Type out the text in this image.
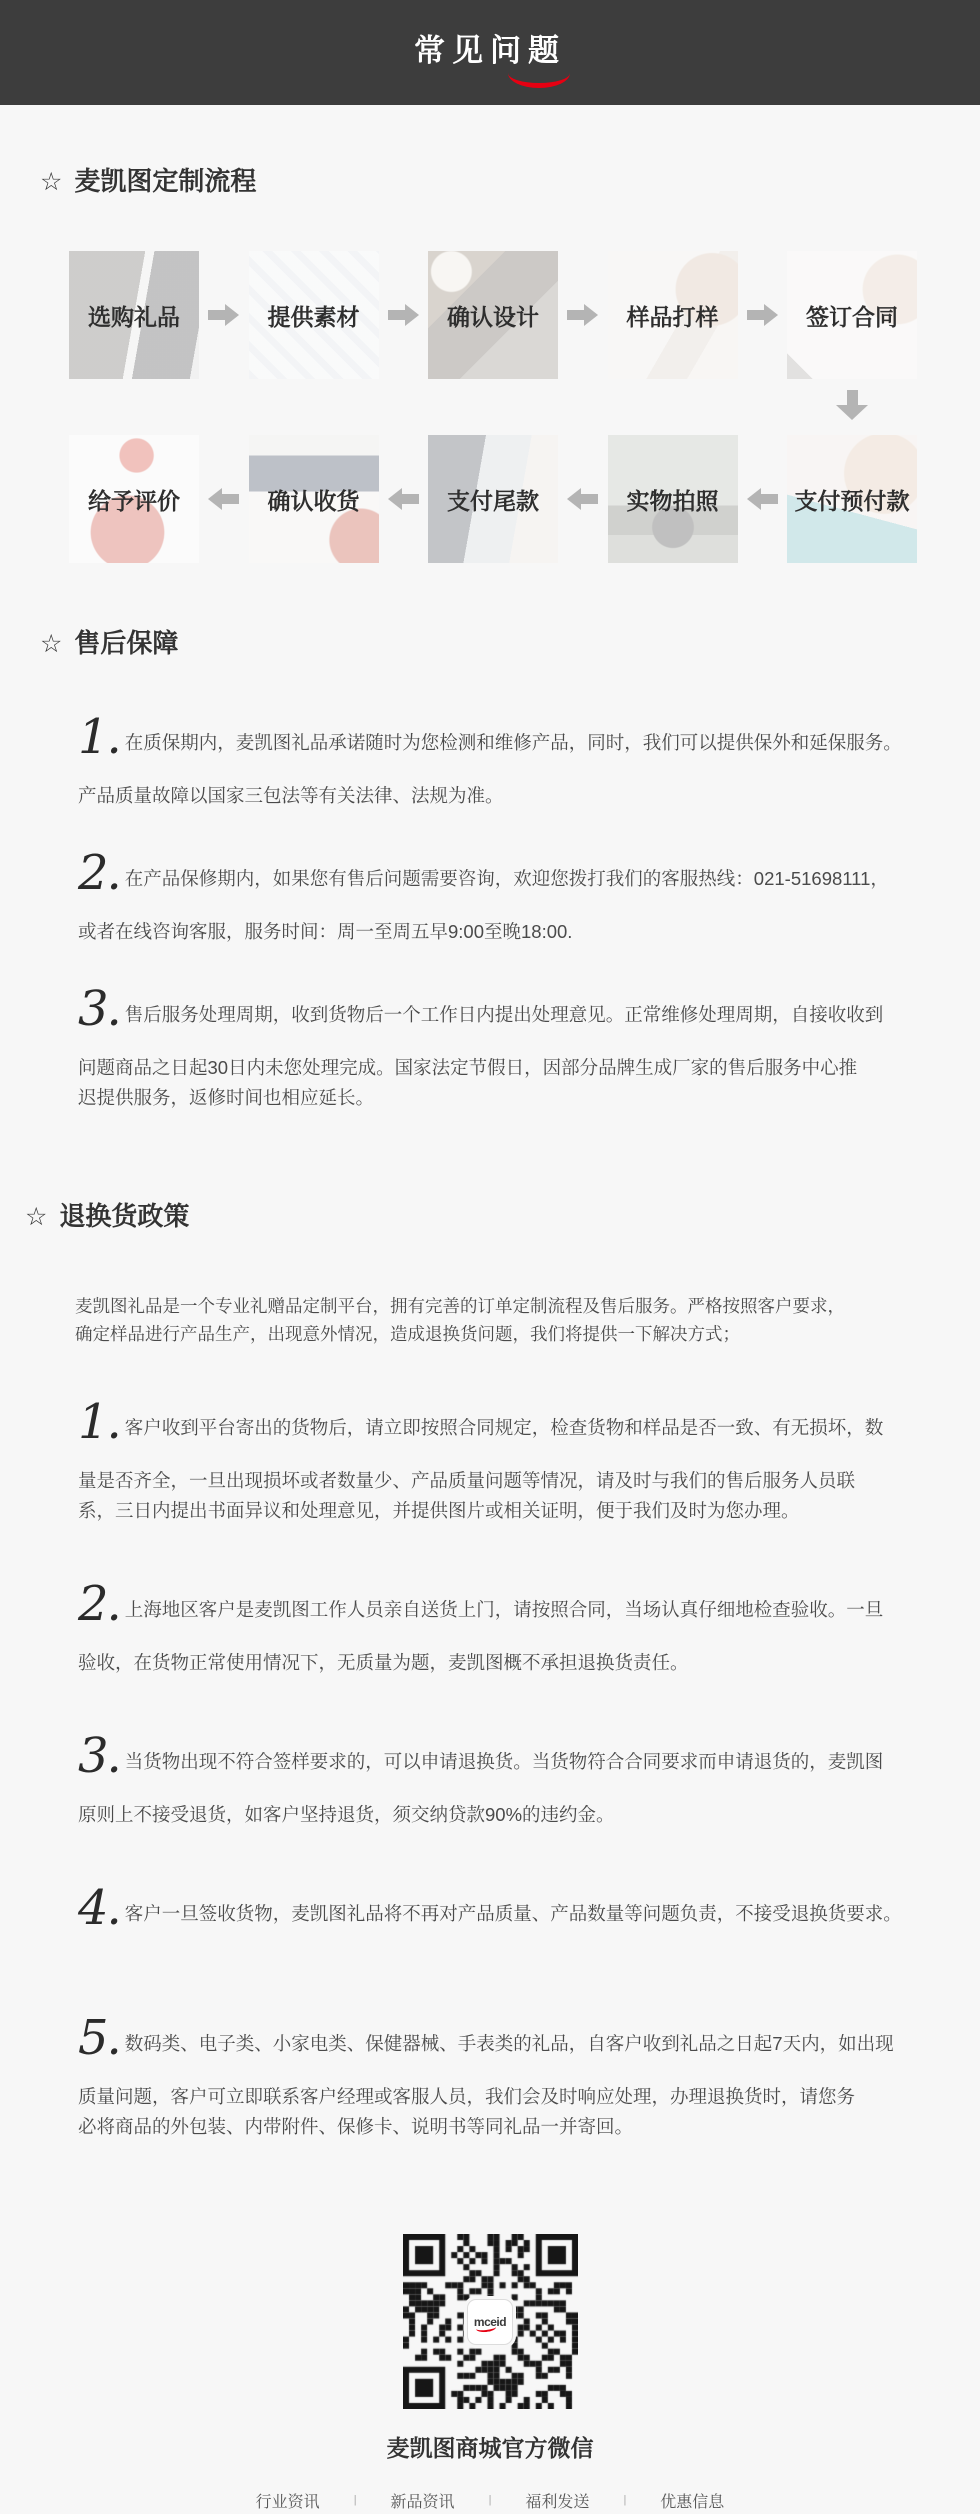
常见问题
☆ 麦凯图定制流程
选购礼品	提供素材	确认设计	样品打样	签订合同
给予评价	确认收货	支付尾款	实物拍照	支付预付款
☆ 售后保障

1. 在质保期内，麦凯图礼品承诺随时为您检测和维修产品，同时，我们可以提供保外和延保服务。

产品质量故障以国家三包法等有关法律、法规为准。

2. 在产品保修期内，如果您有售后问题需要咨询，欢迎您拨打我们的客服热线：021-51698111，

或者在线咨询客服，服务时间：周一至周五早9:00至晚18:00.

3. 售后服务处理周期，收到货物后一个工作日内提出处理意见。正常维修处理周期，自接收收到

问题商品之日起30日内未您处理完成。国家法定节假日，因部分品牌生成厂家的售后服务中心推

迟提供服务，返修时间也相应延长。

☆ 退换货政策

麦凯图礼品是一个专业礼赠品定制平台，拥有完善的订单定制流程及售后服务。严格按照客户要求，

确定样品进行产品生产，出现意外情况，造成退换货问题，我们将提供一下解决方式；

1. 客户收到平台寄出的货物后，请立即按照合同规定，检查货物和样品是否一致、有无损坏，数

量是否齐全，一旦出现损坏或者数量少、产品质量问题等情况，请及时与我们的售后服务人员联

系，三日内提出书面异议和处理意见，并提供图片或相关证明，便于我们及时为您办理。

2. 上海地区客户是麦凯图工作人员亲自送货上门，请按照合同，当场认真仔细地检查验收。一旦

验收，在货物正常使用情况下，无质量为题，麦凯图概不承担退换货责任。

3. 当货物出现不符合签样要求的，可以申请退换货。当货物符合合同要求而申请退货的，麦凯图

原则上不接受退货，如客户坚持退货，须交纳贷款90%的违约金。

4. 客户一旦签收货物，麦凯图礼品将不再对产品质量、产品数量等问题负责，不接受退换货要求。

5. 数码类、电子类、小家电类、保健器械、手表类的礼品，自客户收到礼品之日起7天内，如出现

质量问题，客户可立即联系客户经理或客服人员，我们会及时响应处理，办理退换货时，请您务

必将商品的外包装、内带附件、保修卡、说明书等同礼品一并寄回。

mceid
麦凯图商城官方微信
行业资讯	| 新品资讯	| 福利发送	| 优惠信息
